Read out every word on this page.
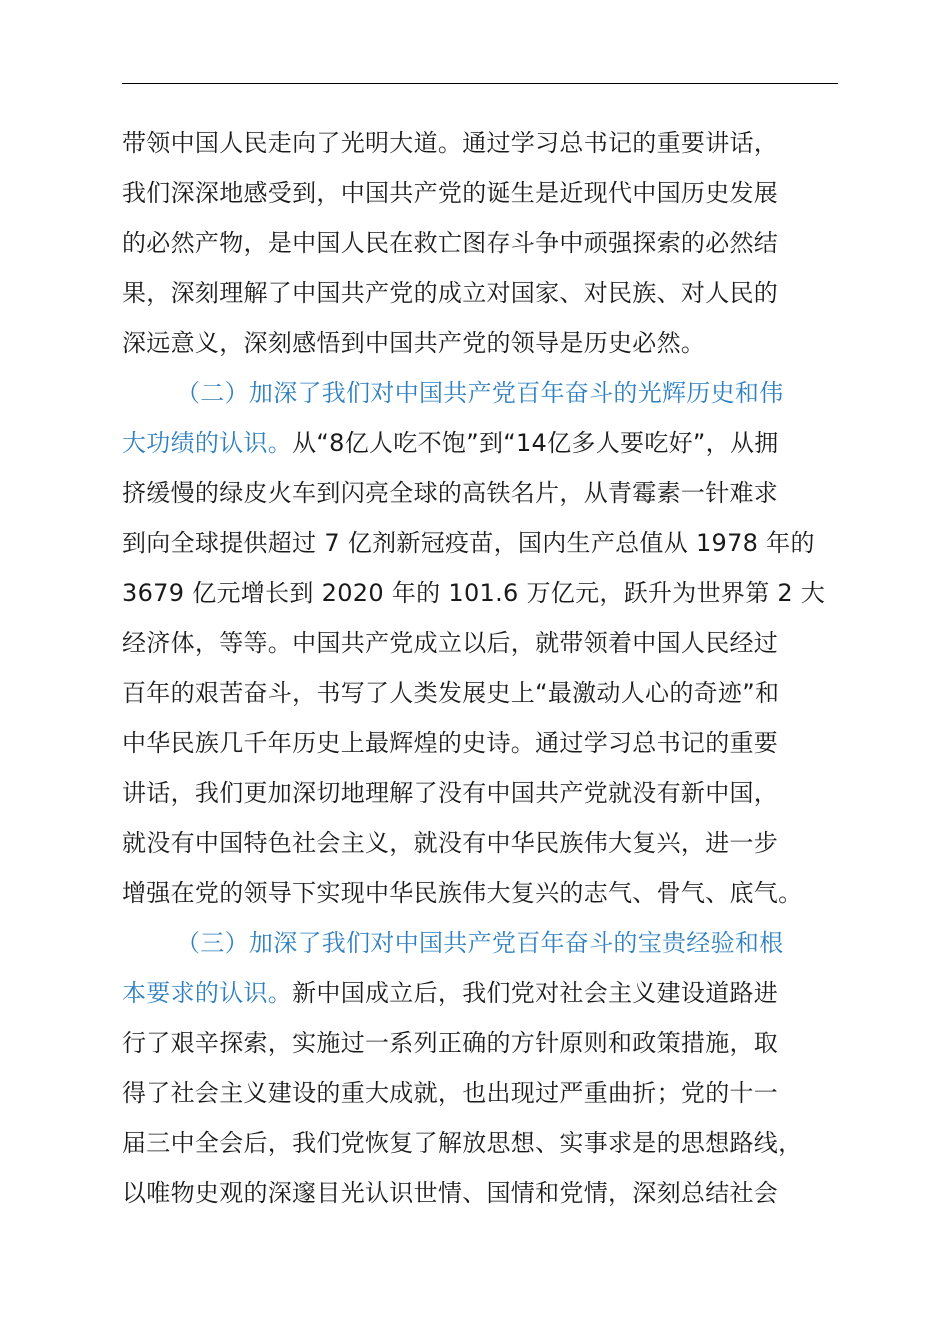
带领中国人民走向了光明大道。通过学习总书记的重要讲话，
我们深深地感受到，中国共产党的诞生是近现代中国历史发展
的必然产物，是中国人民在救亡图存斗争中顽强探索的必然结
果，深刻理解了中国共产党的成立对国家、对民族、对人民的
深远意义，深刻感悟到中国共产党的领导是历史必然。
（二）加深了我们对中国共产党百年奋斗的光辉历史和伟
大功绩的认识。从“8亿人吃不饱”到“14亿多人要吃好”，从拥
挤缓慢的绿皮火车到闪亮全球的高铁名片，从青霉素一针难求
到向全球提供超过 7 亿剂新冠疫苗，国内生产总值从 1978 年的
3679 亿元增长到 2020 年的 101.6 万亿元，跃升为世界第 2 大
经济体，等等。中国共产党成立以后，就带领着中国人民经过
百年的艰苦奋斗，书写了人类发展史上“最激动人心的奇迹”和
中华民族几千年历史上最辉煌的史诗。通过学习总书记的重要
讲话，我们更加深切地理解了没有中国共产党就没有新中国，
就没有中国特色社会主义，就没有中华民族伟大复兴，进一步
增强在党的领导下实现中华民族伟大复兴的志气、骨气、底气。
（三）加深了我们对中国共产党百年奋斗的宝贵经验和根
本要求的认识。新中国成立后，我们党对社会主义建设道路进
行了艰辛探索，实施过一系列正确的方针原则和政策措施，取
得了社会主义建设的重大成就，也出现过严重曲折；党的十一
届三中全会后，我们党恢复了解放思想、实事求是的思想路线，
以唯物史观的深邃目光认识世情、国情和党情，深刻总结社会
